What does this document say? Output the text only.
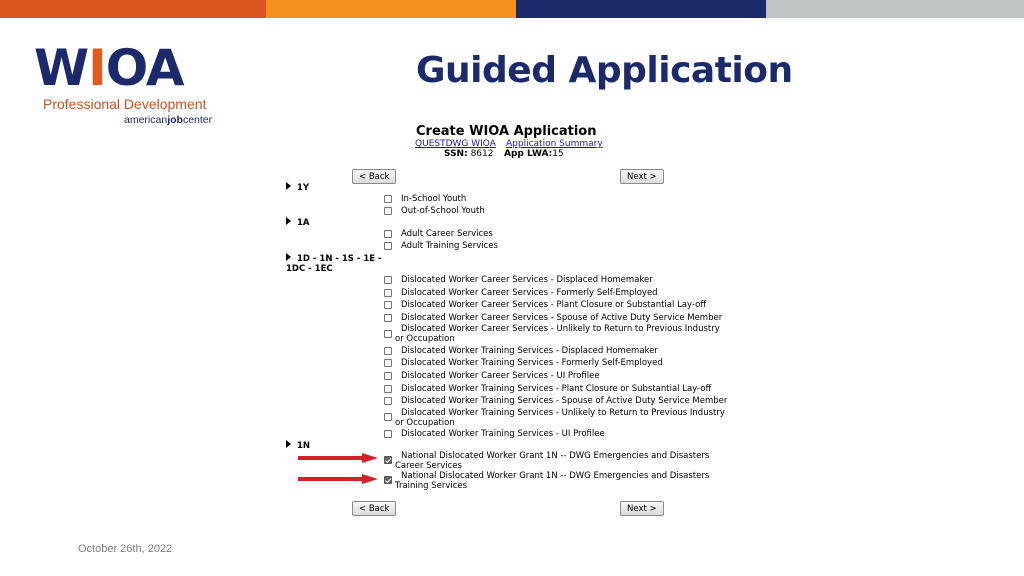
WIOA
Professional Development
americanjobcenter
Guided Application
Create WIOA Application
QUESTDWG WIOA Application Summary
SSN: 8612 App LWA:15
< Back	Next >
1Y
In-School Youth
Out-of-School Youth
1A
Adult Career Services
Adult Training Services
1D - 1N - 1S - 1E -
1DC - 1EC
Dislocated Worker Career Services - Displaced Homemaker
Dislocated Worker Career Services - Formerly Self-Employed
Dislocated Worker Career Services - Plant Closure or Substantial Lay-off
Dislocated Worker Career Services - Spouse of Active Duty Service Member
Dislocated Worker Career Services - Unlikely to Return to Previous Industry
or Occupation
Dislocated Worker Training Services - Displaced Homemaker
Dislocated Worker Training Services - Formerly Self-Employed
Dislocated Worker Career Services - UI Profilee
Dislocated Worker Training Services - Plant Closure or Substantial Lay-off
Dislocated Worker Training Services - Spouse of Active Duty Service Member
Dislocated Worker Training Services - Unlikely to Return to Previous Industry
or Occupation
Dislocated Worker Training Services - UI Profilee
1N
National Dislocated Worker Grant 1N -- DWG Emergencies and Disasters
Career Services
National Dislocated Worker Grant 1N -- DWG Emergencies and Disasters
Training Services
< Back	Next >
October 26th, 2022
